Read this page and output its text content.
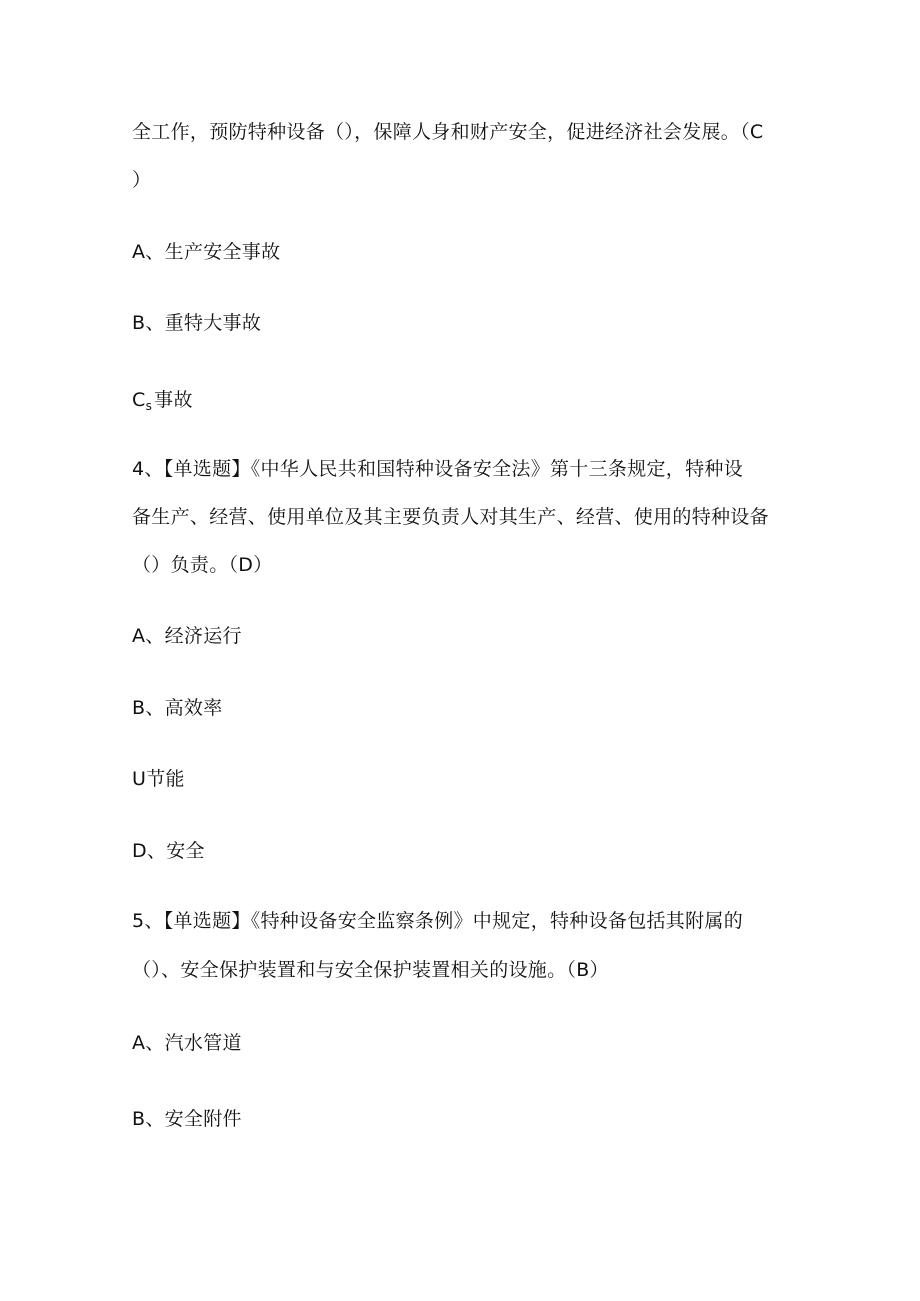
全工作，预防特种设备（），保障人身和财产安全，促进经济社会发展。（C
）
A、生产安全事故
B、重特大事故
$C_s$ 事故
4、【单选题】《中华人民共和国特种设备安全法》第十三条规定，特种设
备生产、经营、使用单位及其主要负责人对其生产、经营、使用的特种设备
（）负责。（D）
A、经济运行
B、高效率
U节能
D、安全
5、【单选题】《特种设备安全监察条例》中规定，特种设备包括其附属的
（）、安全保护装置和与安全保护装置相关的设施。（B）
A、汽水管道
B、安全附件
